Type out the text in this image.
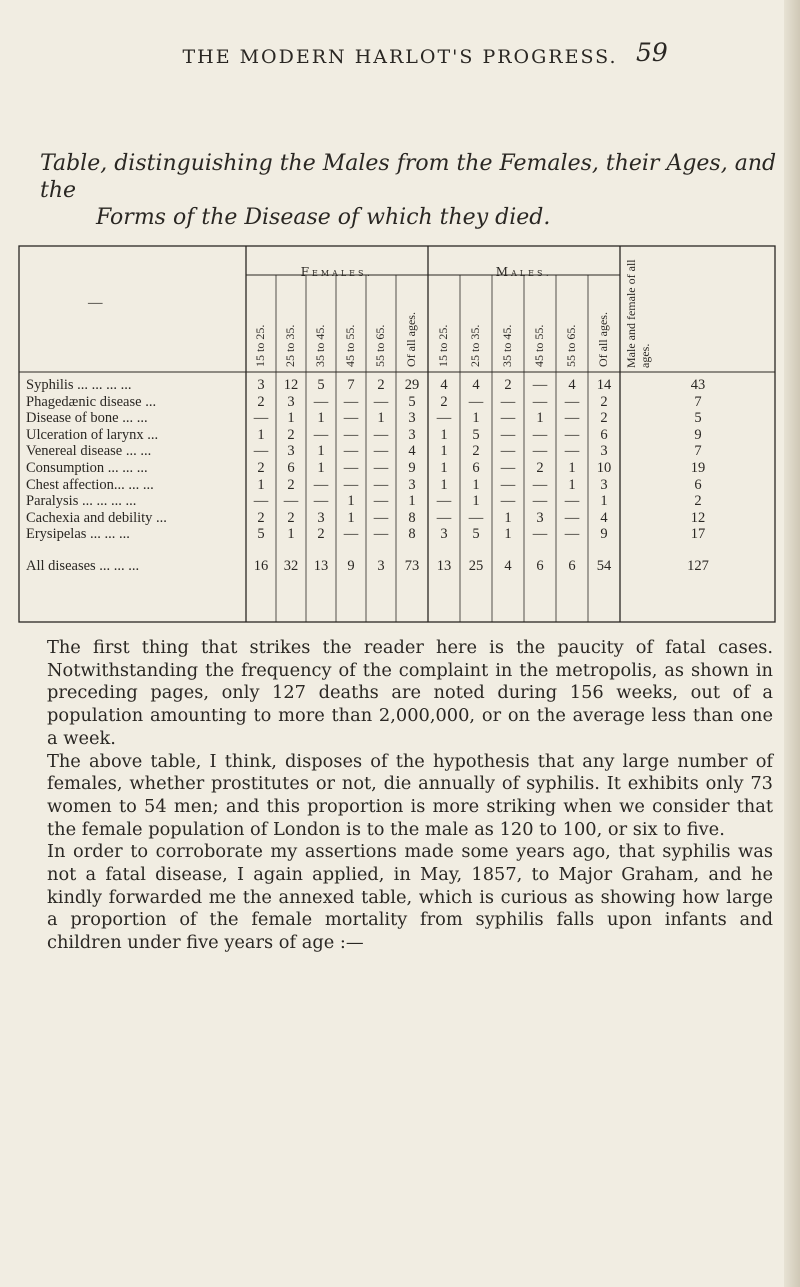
THE MODERN HARLOT'S PROGRESS. 59
Table, distinguishing the Males from the Females, their Ages, and the
Forms of the Disease of which they died.
Females.	Males.
—
15 to 25. 25 to 35. 35 to 45. 45 to 55. 55 to 65. Of all ages. 15 to 25. 25 to 35. 35 to 45. 45 to 55. 55 to 65. Of all ages. Male and female of all ages.
Syphilis ... ... ... ...	3 12 5 7 2 29 4 4 2 — 4 14	43
Phagedænic disease ...	2 3 — — — 5 2 — — — — 2	7
Disease of bone ... ...	— 1 1 — 1 3 — 1 — 1 — 2	5
Ulceration of larynx ...	1 2 — — — 3 1 5 — — — 6	9
Venereal disease ... ...	— 3 1 — — 4 1 2 — — — 3	7
Consumption ... ... ...	2 6 1 — — 9 1 6 — 2 1 10	19
Chest affection... ... ...	1 2 — — — 3 1 1 — — 1 3	6
Paralysis ... ... ... ...	— — — 1 — 1 — 1 — — — 1	2
Cachexia and debility ...	2 2 3 1 — 8 — — 1 3 — 4	12
Erysipelas ... ... ...	5 1 2 — — 8 3 5 1 — — 9	17
All diseases ... ... ...	16 32 13 9 3 73 13 25 4 6 6 54	127

The first thing that strikes the reader here is the paucity of fatal cases. Notwithstanding the frequency of the complaint in the metropolis, as shown in preceding pages, only 127 deaths are noted during 156 weeks, out of a population amounting to more than 2,000,000, or on the average less than one a week.

The above table, I think, disposes of the hypothesis that any large number of females, whether prostitutes or not, die annually of syphilis. It exhibits only 73 women to 54 men; and this proportion is more striking when we consider that the female population of London is to the male as 120 to 100, or six to five.

In order to corroborate my assertions made some years ago, that syphilis was not a fatal disease, I again applied, in May, 1857, to Major Graham, and he kindly forwarded me the annexed table, which is curious as showing how large a proportion of the female mortality from syphilis falls upon infants and children under five years of age :—
